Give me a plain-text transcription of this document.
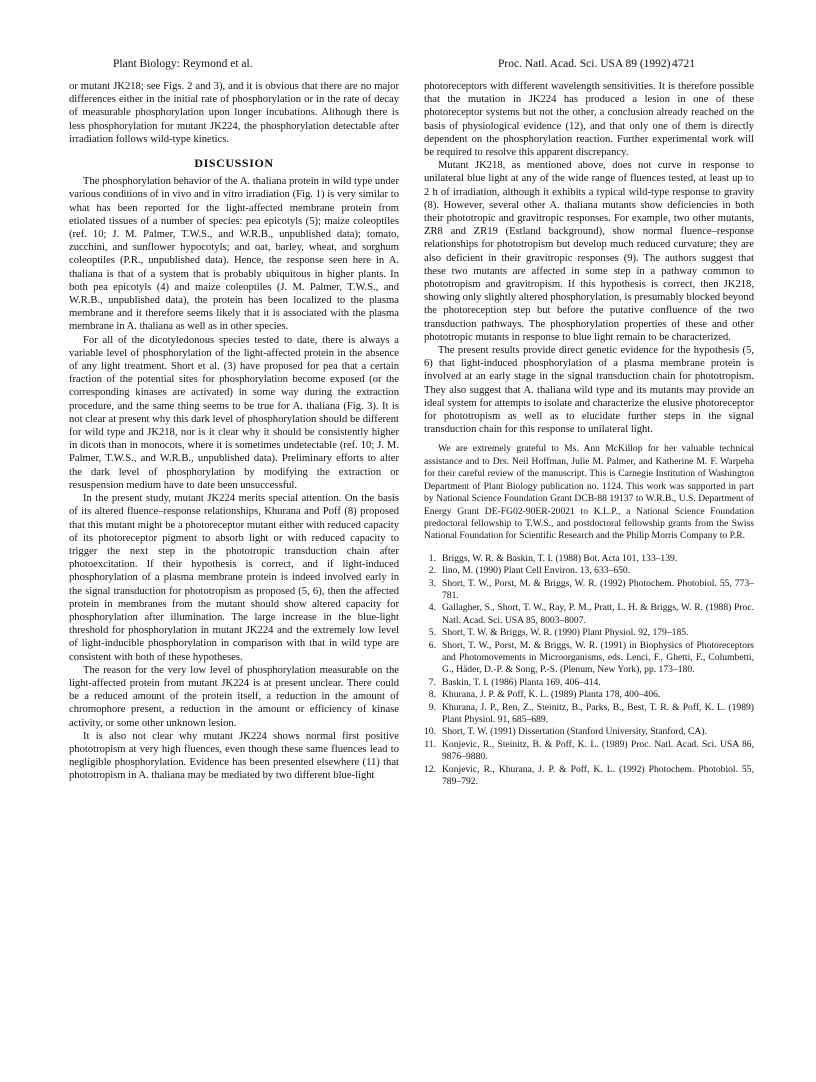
Plant Biology: Reymond et al.	Proc. Natl. Acad. Sci. USA 89 (1992) 4721

or mutant JK218; see Figs. 2 and 3), and it is obvious that there are no major differences either in the initial rate of phosphorylation or in the rate of decay of measurable phosphorylation upon longer incubations. Although there is less phosphorylation for mutant JK224, the phosphorylation detectable after irradiation follows wild-type kinetics.

DISCUSSION

The phosphorylation behavior of the A. thaliana protein in wild type under various conditions of in vivo and in vitro irradiation (Fig. 1) is very similar to what has been reported for the light-affected membrane protein from etiolated tissues of a number of species: pea epicotyls (5); maize coleoptiles (ref. 10; J. M. Palmer, T.W.S., and W.R.B., unpublished data); tomato, zucchini, and sunflower hypocotyls; and oat, barley, wheat, and sorghum coleoptiles (P.R., unpublished data). Hence, the response seen here in A. thaliana is that of a system that is probably ubiquitous in higher plants. In both pea epicotyls (4) and maize coleoptiles (J. M. Palmer, T.W.S., and W.R.B., unpublished data), the protein has been localized to the plasma membrane and it therefore seems likely that it is associated with the plasma membrane in A. thaliana as well as in other species.

For all of the dicotyledonous species tested to date, there is always a variable level of phosphorylation of the light-affected protein in the absence of any light treatment. Short et al. (3) have proposed for pea that a certain fraction of the potential sites for phosphorylation become exposed (or the corresponding kinases are activated) in some way during the extraction procedure, and the same thing seems to be true for A. thaliana (Fig. 3). It is not clear at present why this dark level of phosphorylation should be different for wild type and JK218, nor is it clear why it should be consistently higher in dicots than in monocots, where it is sometimes undetectable (ref. 10; J. M. Palmer, T.W.S., and W.R.B., unpublished data). Preliminary efforts to alter the dark level of phosphorylation by modifying the extraction or resuspension medium have to date been unsuccessful.

In the present study, mutant JK224 merits special attention. On the basis of its altered fluence–response relationships, Khurana and Poff (8) proposed that this mutant might be a photoreceptor mutant either with reduced capacity of its photoreceptor pigment to absorb light or with reduced capacity to trigger the next step in the phototropic transduction chain after photoexcitation. If their hypothesis is correct, and if light-induced phosphorylation of a plasma membrane protein is indeed involved early in the signal transduction for phototropism as proposed (5, 6), then the affected protein in membranes from the mutant should show altered capacity for phosphorylation after illumination. The large increase in the blue-light threshold for phosphorylation in mutant JK224 and the extremely low level of light-inducible phosphorylation in comparison with that in wild type are consistent with both of these hypotheses.

The reason for the very low level of phosphorylation measurable on the light-affected protein from mutant JK224 is at present unclear. There could be a reduced amount of the protein itself, a reduction in the amount of chromophore present, a reduction in the amount or efficiency of kinase activity, or some other unknown lesion.

It is also not clear why mutant JK224 shows normal first positive phototropism at very high fluences, even though these same fluences lead to negligible phosphorylation. Evidence has been presented elsewhere (11) that phototropism in A. thaliana may be mediated by two different blue-light

photoreceptors with different wavelength sensitivities. It is therefore possible that the mutation in JK224 has produced a lesion in one of these photoreceptor systems but not the other, a conclusion already reached on the basis of physiological evidence (12), and that only one of them is directly dependent on the phosphorylation reaction. Further experimental work will be required to resolve this apparent discrepancy.

Mutant JK218, as mentioned above, does not curve in response to unilateral blue light at any of the wide range of fluences tested, at least up to 2 h of irradiation, although it exhibits a typical wild-type response to gravity (8). However, several other A. thaliana mutants show deficiencies in both their phototropic and gravitropic responses. For example, two other mutants, ZR8 and ZR19 (Estland background), show normal fluence–response relationships for phototropism but develop much reduced curvature; they are also deficient in their gravitropic responses (9). The authors suggest that these two mutants are affected in some step in a pathway common to phototropism and gravitropism. If this hypothesis is correct, then JK218, showing only slightly altered phosphorylation, is presumably blocked beyond the photoreception step but before the putative confluence of the two transduction pathways. The phosphorylation properties of these and other phototropic mutants in response to blue light remain to be characterized.

The present results provide direct genetic evidence for the hypothesis (5, 6) that light-induced phosphorylation of a plasma membrane protein is involved at an early stage in the signal transduction chain for phototropism. They also suggest that A. thaliana wild type and its mutants may provide an ideal system for attempts to isolate and characterize the elusive photoreceptor for phototropism as well as to elucidate further steps in the signal transduction chain for this response to unilateral light.

We are extremely grateful to Ms. Ann McKillop for her valuable technical assistance and to Drs. Neil Hoffman, Julie M. Palmer, and Katherine M. F. Warpeha for their careful review of the manuscript. This is Carnegie Institution of Washington Department of Plant Biology publication no. 1124. This work was supported in part by National Science Foundation Grant DCB-88 19137 to W.R.B., U.S. Department of Energy Grant DE-FG02-90ER-20021 to K.L.P., a National Science Foundation predoctoral fellowship to T.W.S., and postdoctoral fellowship grants from the Swiss National Foundation for Scientific Research and the Philip Morris Company to P.R.

1. Briggs, W. R. & Baskin, T. I. (1988) Bot. Acta 101, 133–139.
2. Iino, M. (1990) Plant Cell Environ. 13, 633–650.
3. Short, T. W., Porst, M. & Briggs, W. R. (1992) Photochem. Photobiol. 55, 773–781.
4. Gallagher, S., Short, T. W., Ray, P. M., Pratt, L. H. & Briggs, W. R. (1988) Proc. Natl. Acad. Sci. USA 85, 8003–8007.
5. Short, T. W. & Briggs, W. R. (1990) Plant Physiol. 92, 179–185.
6. Short, T. W., Porst, M. & Briggs, W. R. (1991) in Biophysics of Photoreceptors and Photomovements in Microorganisms, eds. Lenci, F., Ghetti, F., Columbetti, G., Häder, D.-P. & Song, P.-S. (Plenum, New York), pp. 173–180.
7. Baskin, T. I. (1986) Planta 169, 406–414.
8. Khurana, J. P. & Poff, K. L. (1989) Planta 178, 400–406.
9. Khurana, J. P., Ren, Z., Steinitz, B., Parks, B., Best, T. R. & Poff, K. L. (1989) Plant Physiol. 91, 685–689.
10. Short, T. W. (1991) Dissertation (Stanford University, Stanford, CA).
11. Konjevic, R., Steinitz, B. & Poff, K. L. (1989) Proc. Natl. Acad. Sci. USA 86, 9876–9880.
12. Konjevic, R., Khurana, J. P. & Poff, K. L. (1992) Photochem. Photobiol. 55, 789–792.
